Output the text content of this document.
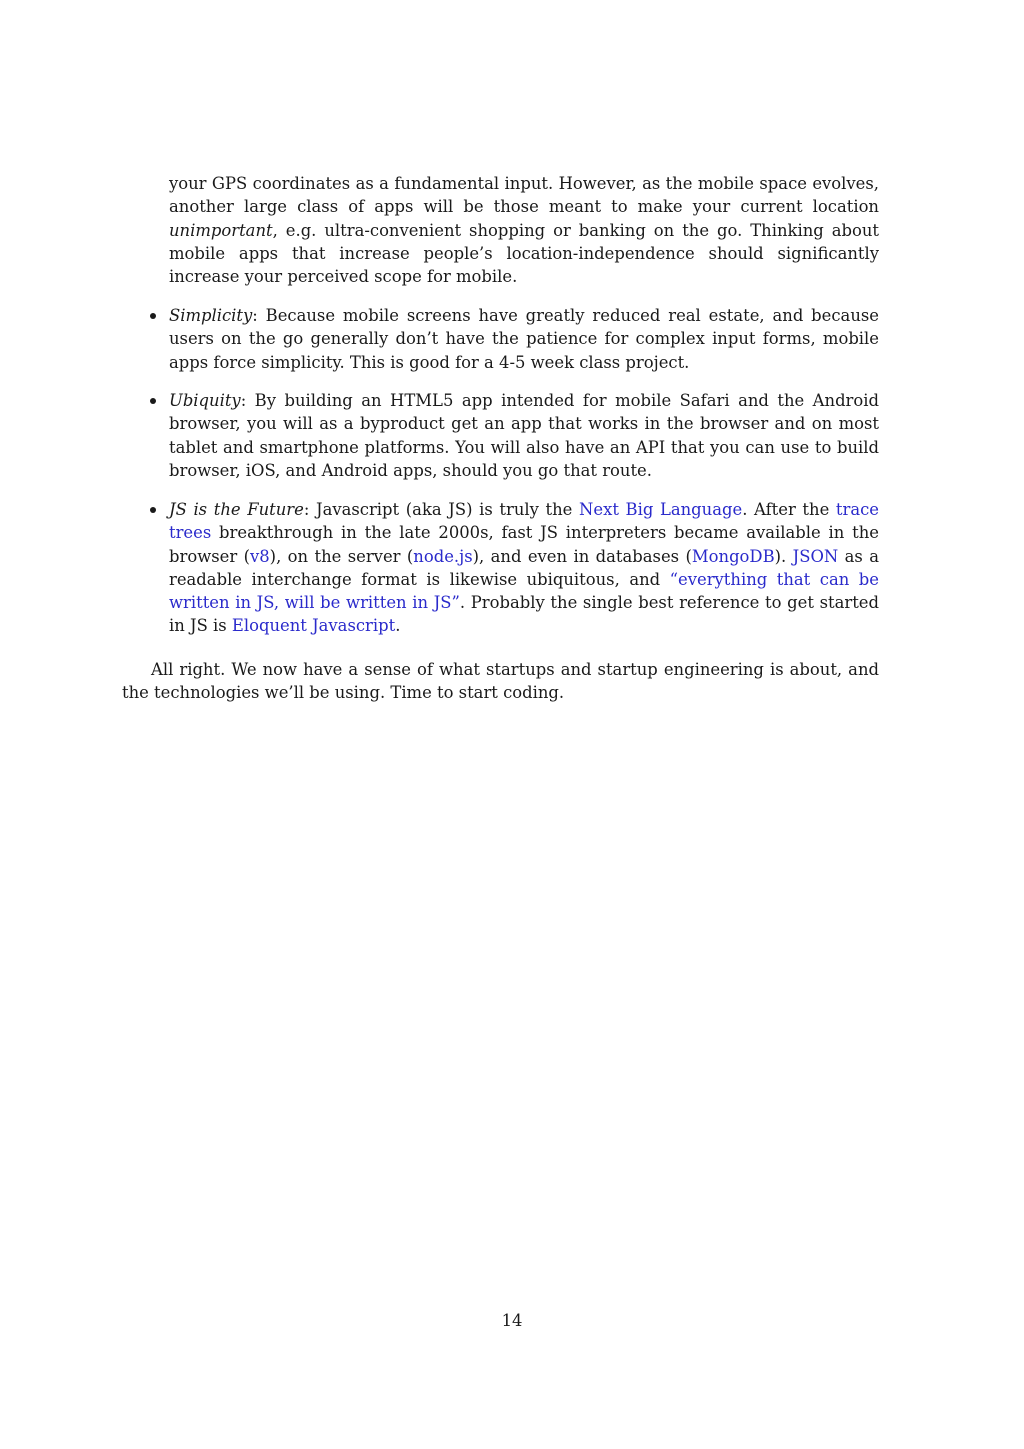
your GPS coordinates as a fundamental input. However, as the mobile space evolves, another large class of apps will be those meant to make your current location unimportant, e.g. ultra-convenient shopping or banking on the go. Thinking about mobile apps that increase people’s location-independence should significantly increase your perceived scope for mobile.

Simplicity: Because mobile screens have greatly reduced real estate, and because users on the go generally don’t have the patience for complex input forms, mobile apps force simplicity. This is good for a 4-5 week class project.

Ubiquity: By building an HTML5 app intended for mobile Safari and the Android browser, you will as a byproduct get an app that works in the browser and on most tablet and smartphone platforms. You will also have an API that you can use to build browser, iOS, and Android apps, should you go that route.

JS is the Future: Javascript (aka JS) is truly the Next Big Language. After the trace trees breakthrough in the late 2000s, fast JS interpreters became available in the browser (v8), on the server (node.js), and even in databases (MongoDB). JSON as a readable interchange format is likewise ubiquitous, and “everything that can be written in JS, will be written in JS”. Probably the single best reference to get started in JS is Eloquent Javascript.

All right. We now have a sense of what startups and startup engineering is about, and the technologies we’ll be using. Time to start coding.

14
